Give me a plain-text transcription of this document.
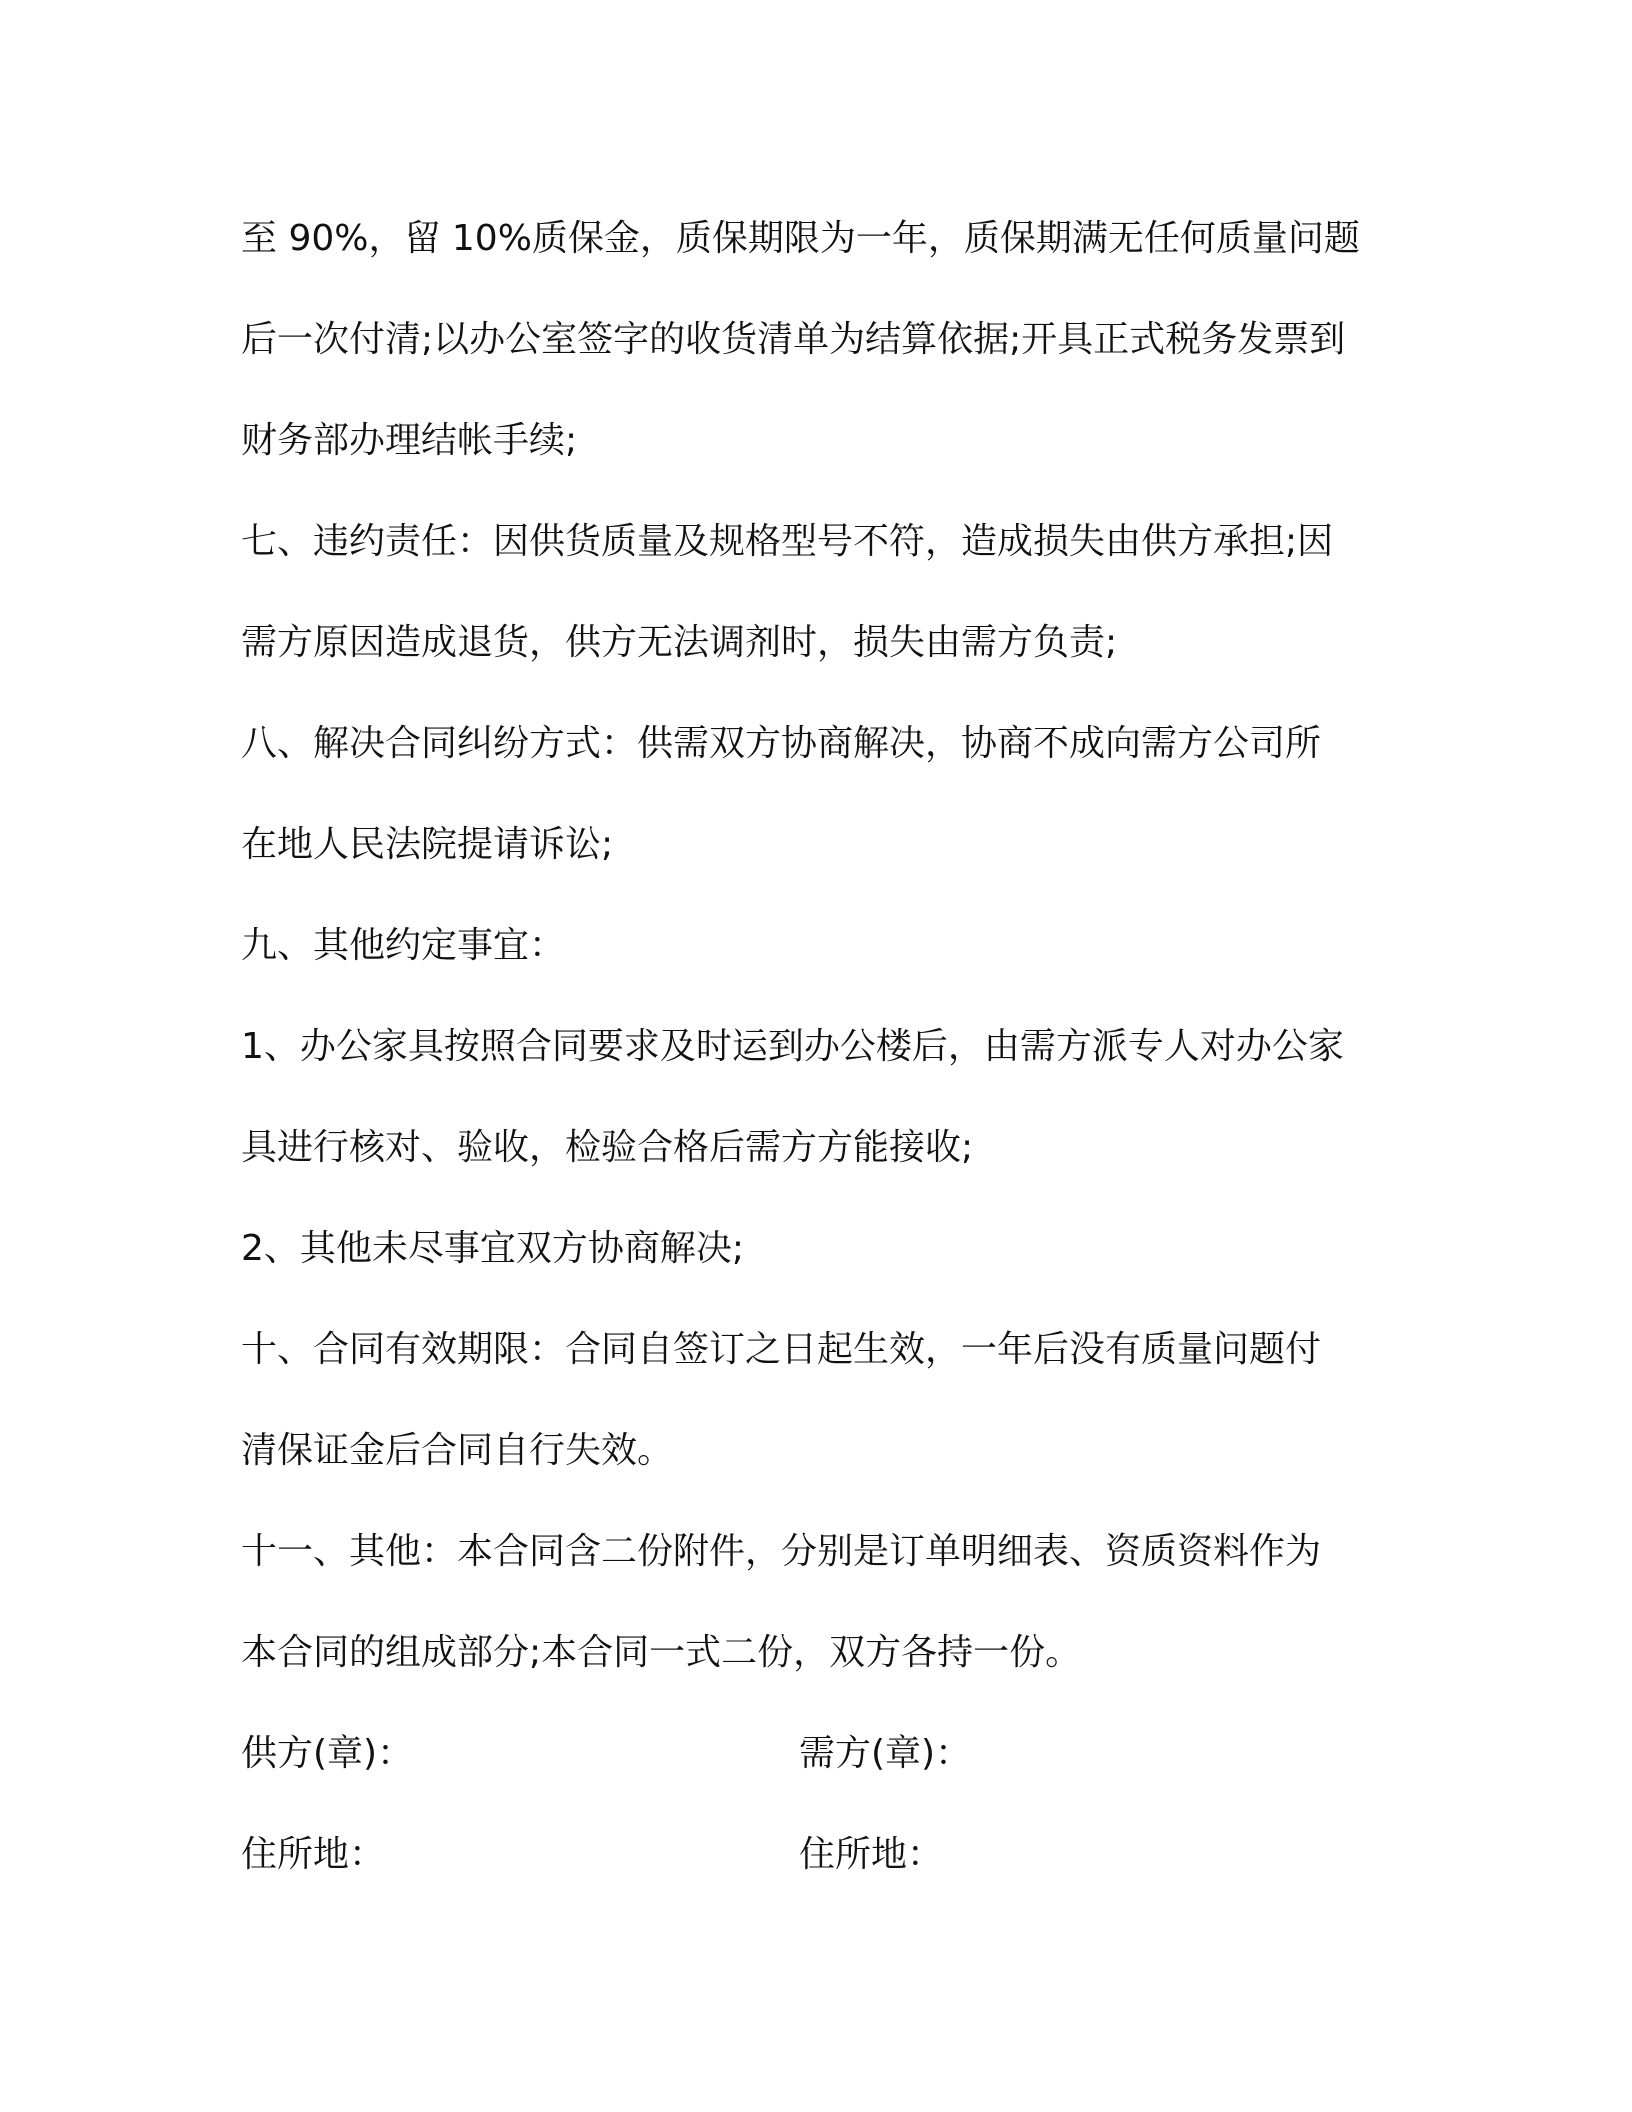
至 90%，留 10%质保金，质保期限为一年，质保期满无任何质量问题
后一次付清;以办公室签字的收货清单为结算依据;开具正式税务发票到
财务部办理结帐手续;
七、违约责任：因供货质量及规格型号不符，造成损失由供方承担;因
需方原因造成退货，供方无法调剂时，损失由需方负责;
八、解决合同纠纷方式：供需双方协商解决，协商不成向需方公司所
在地人民法院提请诉讼;
九、其他约定事宜：
1、办公家具按照合同要求及时运到办公楼后，由需方派专人对办公家
具进行核对、验收，检验合格后需方方能接收;
2、其他未尽事宜双方协商解决;
十、合同有效期限：合同自签订之日起生效，一年后没有质量问题付
清保证金后合同自行失效。
十一、其他：本合同含二份附件，分别是订单明细表、资质资料作为
本合同的组成部分;本合同一式二份，双方各持一份。
供方(章)：	需方(章)：
住所地：	住所地：
